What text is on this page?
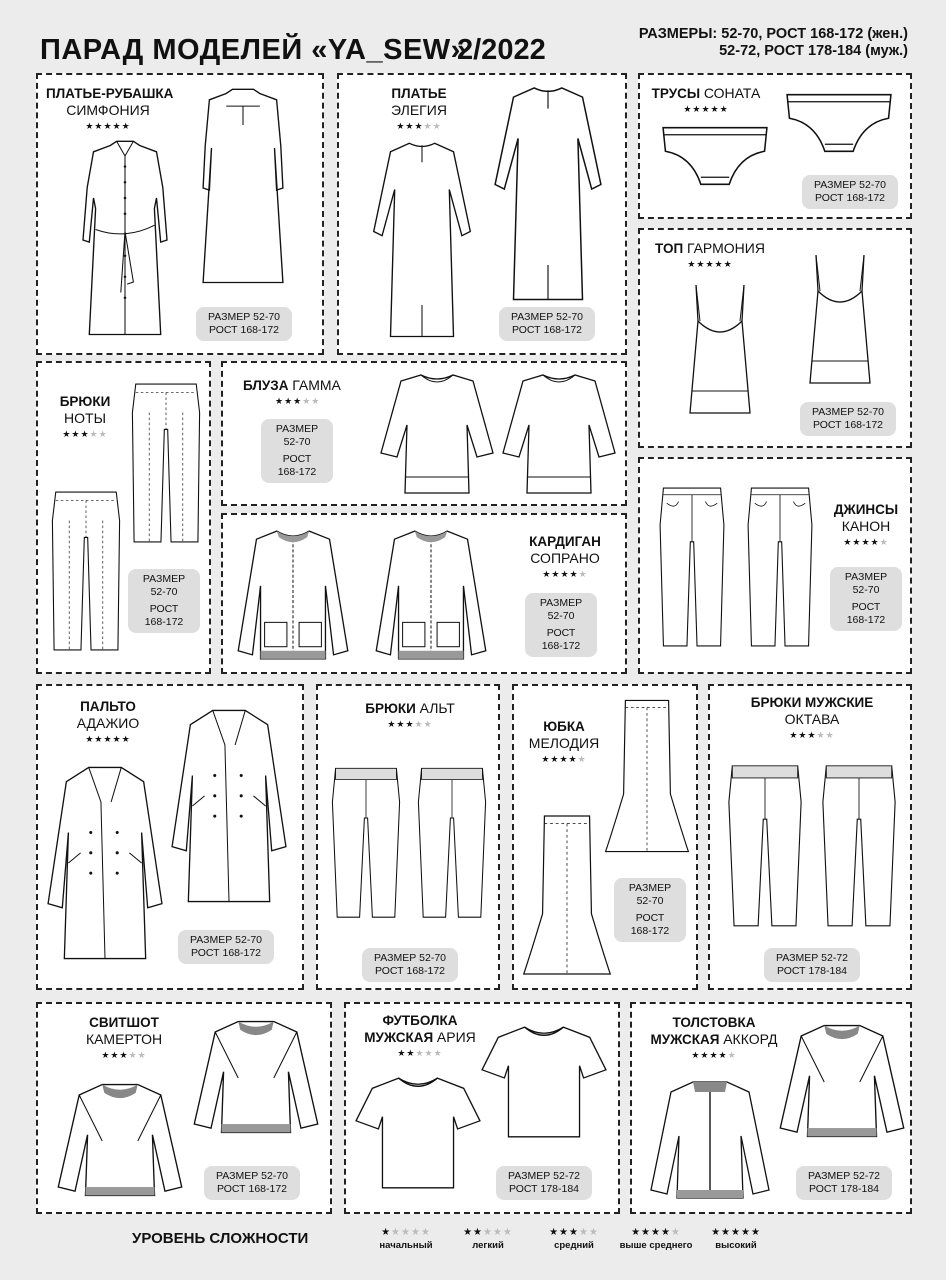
ПАРАД МОДЕЛЕЙ «YA_SEW»
2/2022	РАЗМЕРЫ: 52-70, РОСТ 168-172 (жен.)
52-72, РОСТ 178-184 (муж.)
ПЛАТЬЕ-РУБАШКА
СИМФОНИЯ
★★★★★
РАЗМЕР 52-70
РОСТ 168-172
ПЛАТЬЕ
ЭЛЕГИЯ
★★★★★
РАЗМЕР 52-70
РОСТ 168-172
ТРУСЫ СОНАТА
★★★★★
РАЗМЕР 52-70
РОСТ 168-172
ТОП ГАРМОНИЯ
★★★★★
РАЗМЕР 52-70
РОСТ 168-172
БРЮКИ
НОТЫ
★★★★★
РАЗМЕР
52-70
РОСТ
168-172
БЛУЗА ГАММА
★★★★★
РАЗМЕР
52-70
РОСТ
168-172
КАРДИГАН
СОПРАНО
★★★★★
РАЗМЕР
52-70
РОСТ
168-172
ДЖИНСЫ
КАНОН
★★★★★
РАЗМЕР
52-70
РОСТ
168-172
ПАЛЬТО
АДАЖИО
★★★★★
РАЗМЕР 52-70
РОСТ 168-172
БРЮКИ АЛЬТ
★★★★★
РАЗМЕР 52-70
РОСТ 168-172
ЮБКА
МЕЛОДИЯ
★★★★★
РАЗМЕР
52-70
РОСТ
168-172
БРЮКИ МУЖСКИЕ
ОКТАВА
★★★★★
РАЗМЕР 52-72
РОСТ 178-184
СВИТШОТ
КАМЕРТОН
★★★★★
РАЗМЕР 52-70
РОСТ 168-172
ФУТБОЛКА
МУЖСКАЯ АРИЯ
★★★★★
РАЗМЕР 52-72
РОСТ 178-184
ТОЛСТОВКА
МУЖСКАЯ АККОРД
★★★★★
РАЗМЕР 52-72
РОСТ 178-184
УРОВЕНЬ СЛОЖНОСТИ	★★★★★
начальный
★★★★★
легкий
★★★★★
средний
★★★★★
выше среднего
★★★★★
высокий
